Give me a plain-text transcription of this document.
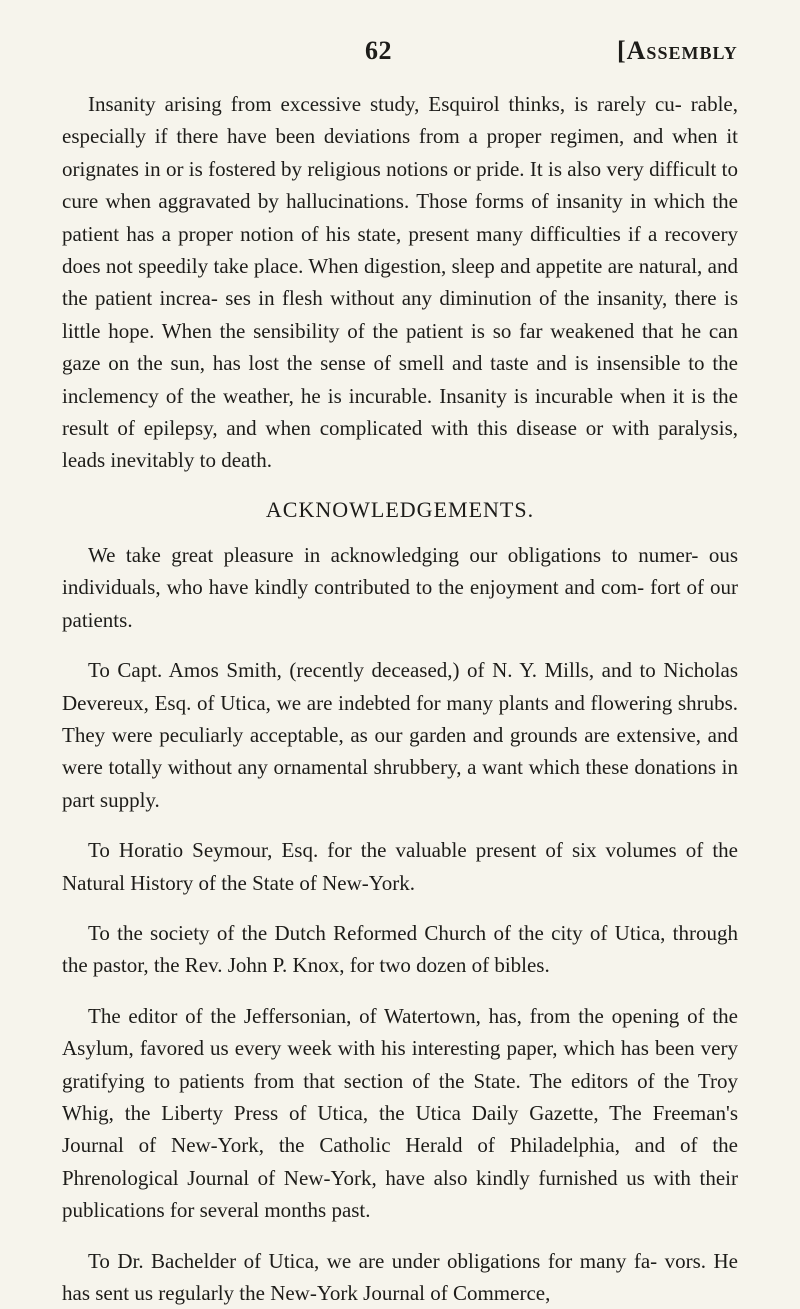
62	[Assembly

Insanity arising from excessive study, Esquirol thinks, is rarely cu- rable, especially if there have been deviations from a proper regimen, and when it orignates in or is fostered by religious notions or pride. It is also very difficult to cure when aggravated by hallucinations. Those forms of insanity in which the patient has a proper notion of his state, present many difficulties if a recovery does not speedily take place. When digestion, sleep and appetite are natural, and the patient increa- ses in flesh without any diminution of the insanity, there is little hope. When the sensibility of the patient is so far weakened that he can gaze on the sun, has lost the sense of smell and taste and is insensible to the inclemency of the weather, he is incurable. Insanity is incurable when it is the result of epilepsy, and when complicated with this disease or with paralysis, leads inevitably to death.

ACKNOWLEDGEMENTS.

We take great pleasure in acknowledging our obligations to numer- ous individuals, who have kindly contributed to the enjoyment and com- fort of our patients.

To Capt. Amos Smith, (recently deceased,) of N. Y. Mills, and to Nicholas Devereux, Esq. of Utica, we are indebted for many plants and flowering shrubs. They were peculiarly acceptable, as our garden and grounds are extensive, and were totally without any ornamental shrubbery, a want which these donations in part supply.

To Horatio Seymour, Esq. for the valuable present of six volumes of the Natural History of the State of New-York.

To the society of the Dutch Reformed Church of the city of Utica, through the pastor, the Rev. John P. Knox, for two dozen of bibles.

The editor of the Jeffersonian, of Watertown, has, from the opening of the Asylum, favored us every week with his interesting paper, which has been very gratifying to patients from that section of the State. The editors of the Troy Whig, the Liberty Press of Utica, the Utica Daily Gazette, The Freeman's Journal of New-York, the Catholic Herald of Philadelphia, and of the Phrenological Journal of New-York, have also kindly furnished us with their publications for several months past.

To Dr. Bachelder of Utica, we are under obligations for many fa- vors. He has sent us regularly the New-York Journal of Commerce,
